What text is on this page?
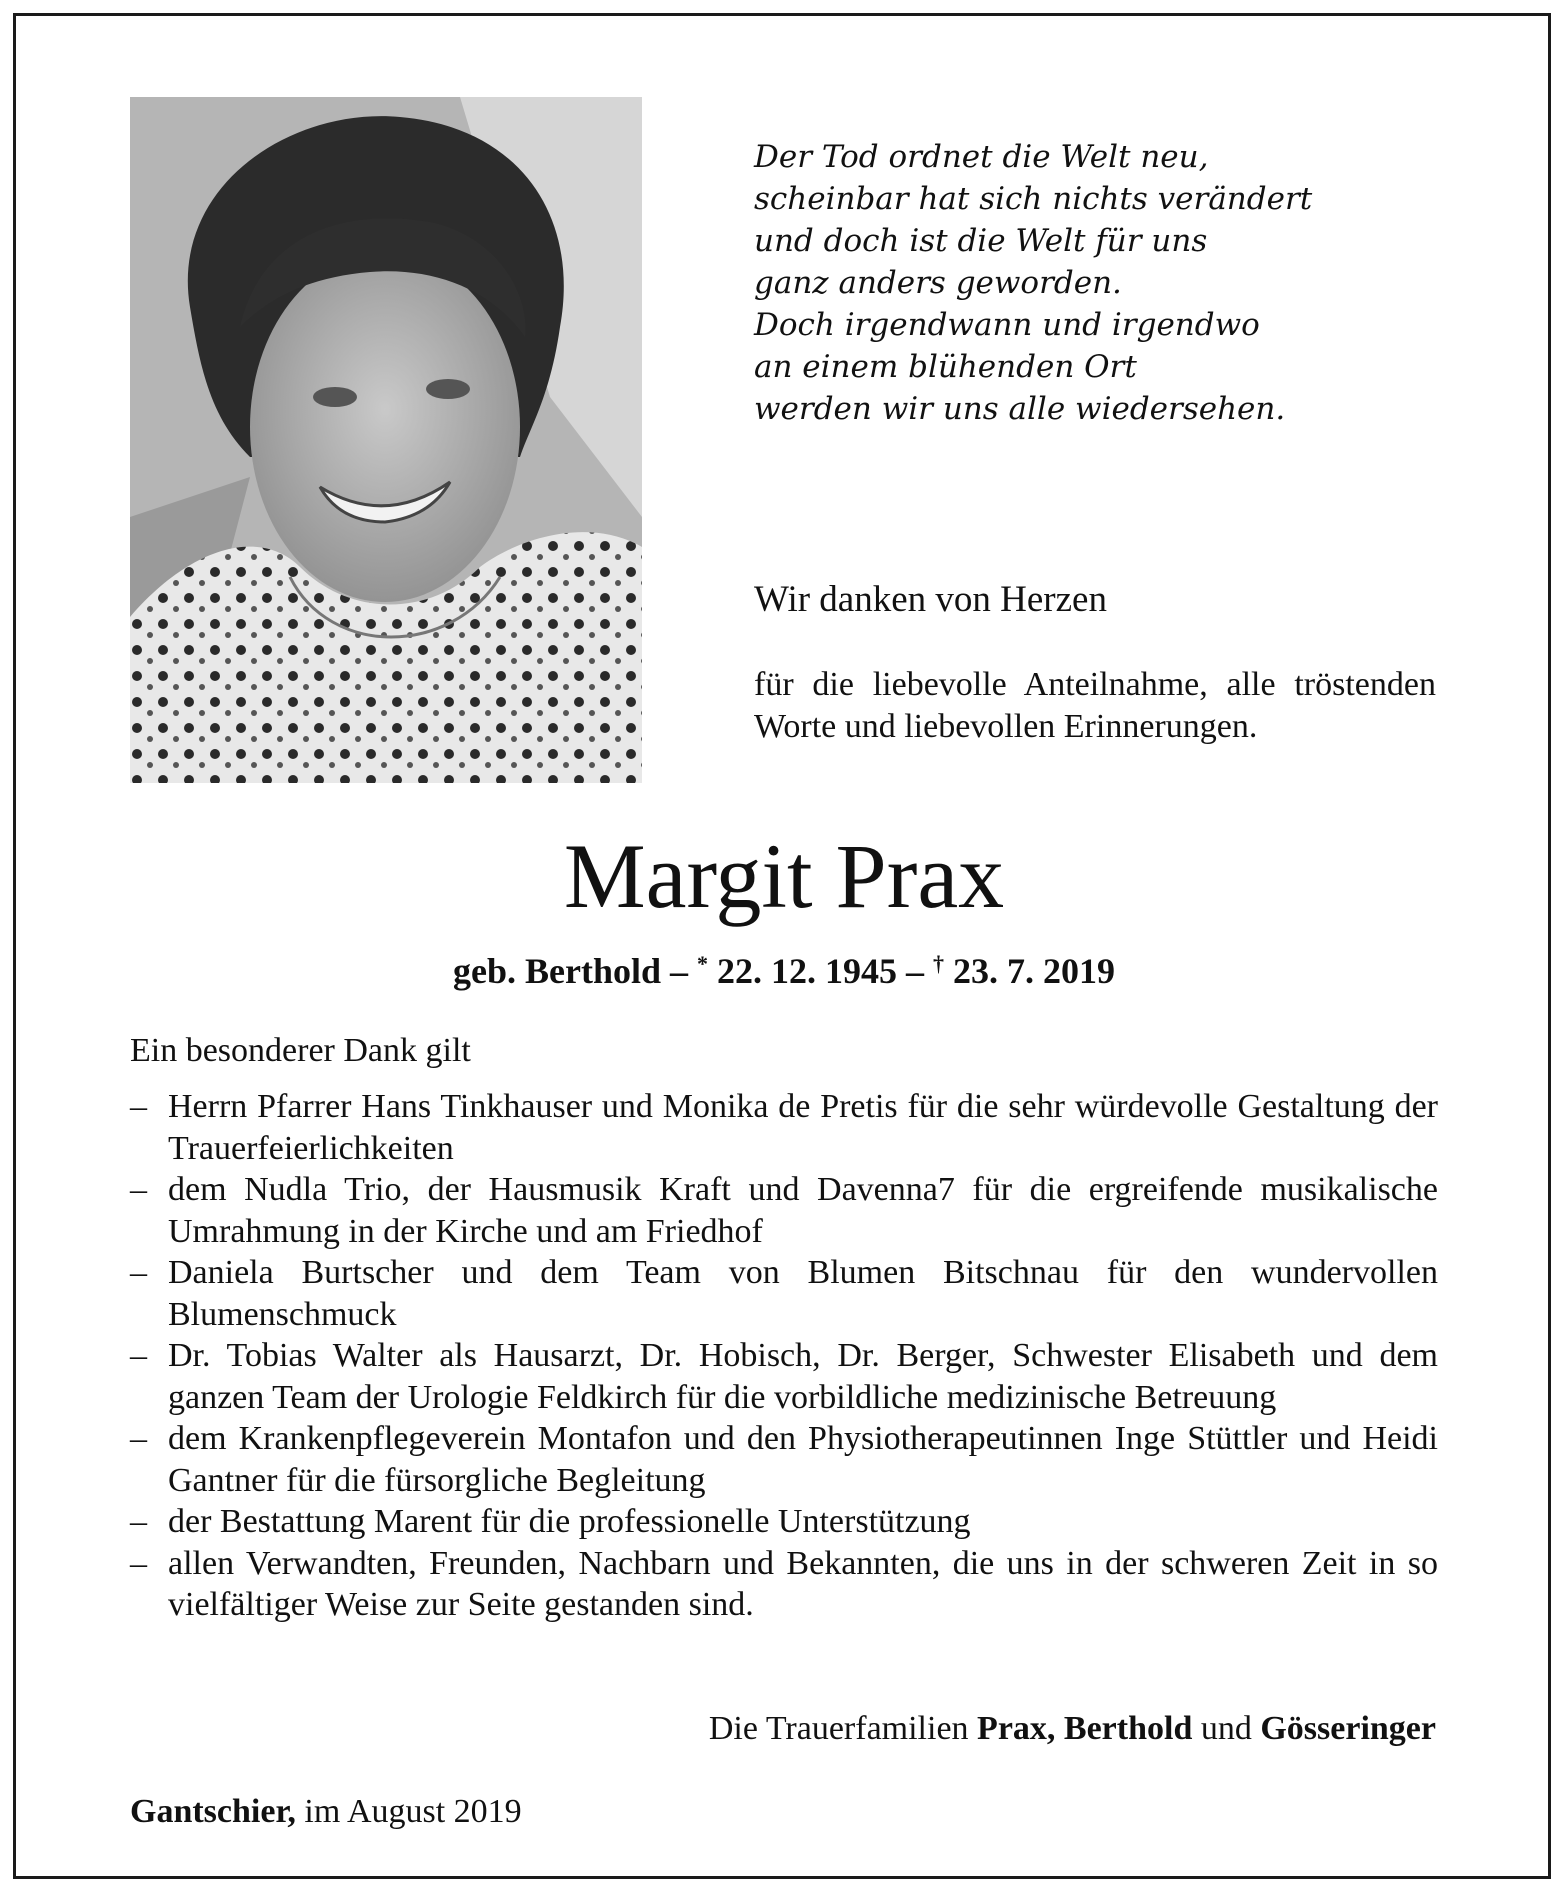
Der Tod ordnet die Welt neu,
scheinbar hat sich nichts verändert
und doch ist die Welt für uns
ganz anders geworden.
Doch irgendwann und irgendwo
an einem blühenden Ort
werden wir uns alle wiedersehen.
Wir danken von Herzen

für die liebevolle Anteilnahme, alle tröstenden Worte und liebevollen Erinnerungen.

Margit Prax
geb. Berthold – * 22. 12. 1945 – † 23. 7. 2019
Ein besonderer Dank gilt
– Herrn Pfarrer Hans Tinkhauser und Monika de Pretis für die sehr würdevolle Gestaltung der Trauerfeierlichkeiten
– dem Nudla Trio, der Hausmusik Kraft und Davenna7 für die ergreifende musikalische Umrahmung in der Kirche und am Friedhof
– Daniela Burtscher und dem Team von Blumen Bitschnau für den wundervollen Blumenschmuck
– Dr. Tobias Walter als Hausarzt, Dr. Hobisch, Dr. Berger, Schwester Elisabeth und dem ganzen Team der Urologie Feldkirch für die vorbildliche medizinische Betreuung
– dem Krankenpflegeverein Montafon und den Physiotherapeutinnen Inge Stüttler und Heidi Gantner für die fürsorgliche Begleitung
– der Bestattung Marent für die professionelle Unterstützung
– allen Verwandten, Freunden, Nachbarn und Bekannten, die uns in der schweren Zeit in so vielfältiger Weise zur Seite gestanden sind.
Die Trauerfamilien Prax, Berthold und Gösseringer
Gantschier, im August 2019
